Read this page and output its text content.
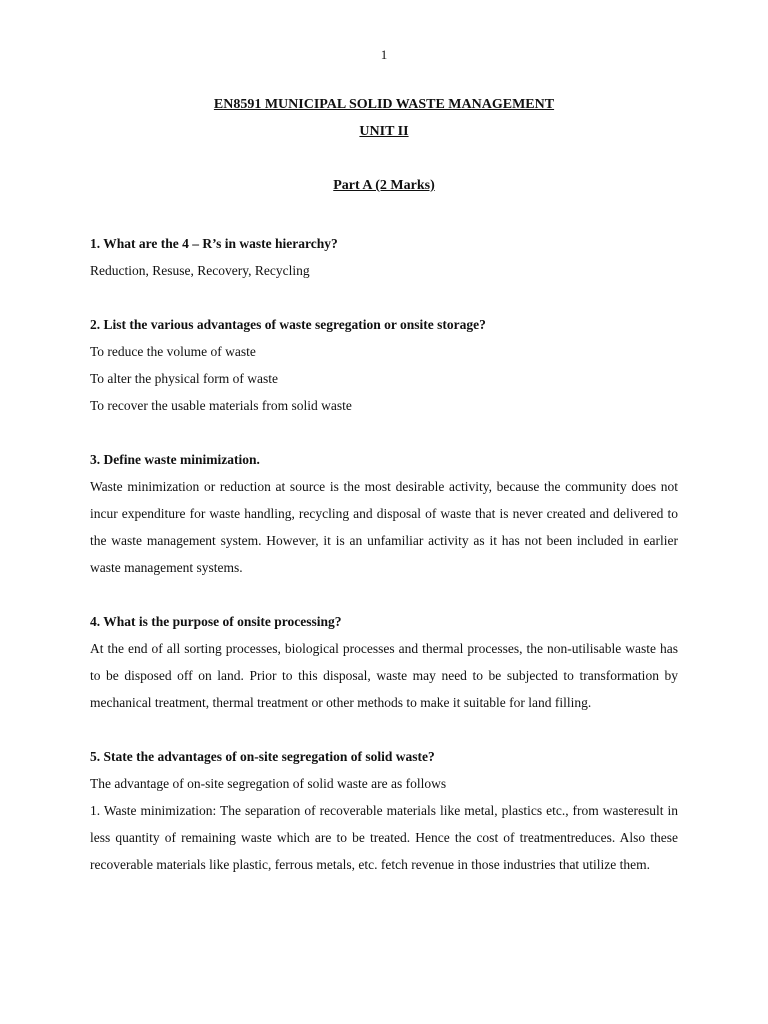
1
EN8591 MUNICIPAL SOLID WASTE MANAGEMENT
UNIT II
Part A (2 Marks)

1. What are the 4 – R’s in waste hierarchy?

Reduction, Resuse, Recovery, Recycling

2. List the various advantages of waste segregation or onsite storage?

To reduce the volume of waste

To alter the physical form of waste

To recover the usable materials from solid waste

3. Define waste minimization.

Waste minimization or reduction at source is the most desirable activity, because the community does not incur expenditure for waste handling, recycling and disposal of waste that is never created and delivered to the waste management system. However, it is an unfamiliar activity as it has not been included in earlier waste management systems.

4. What is the purpose of onsite processing?

At the end of all sorting processes, biological processes and thermal processes, the non-utilisable waste has to be disposed off on land. Prior to this disposal, waste may need to be subjected to transformation by mechanical treatment, thermal treatment or other methods to make it suitable for land filling.

5. State the advantages of on-site segregation of solid waste?

The advantage of on-site segregation of solid waste are as follows

1. Waste minimization: The separation of recoverable materials like metal, plastics etc., from wasteresult in less quantity of remaining waste which are to be treated. Hence the cost of treatmentreduces. Also these recoverable materials like plastic, ferrous metals, etc. fetch revenue in those industries that utilize them.
